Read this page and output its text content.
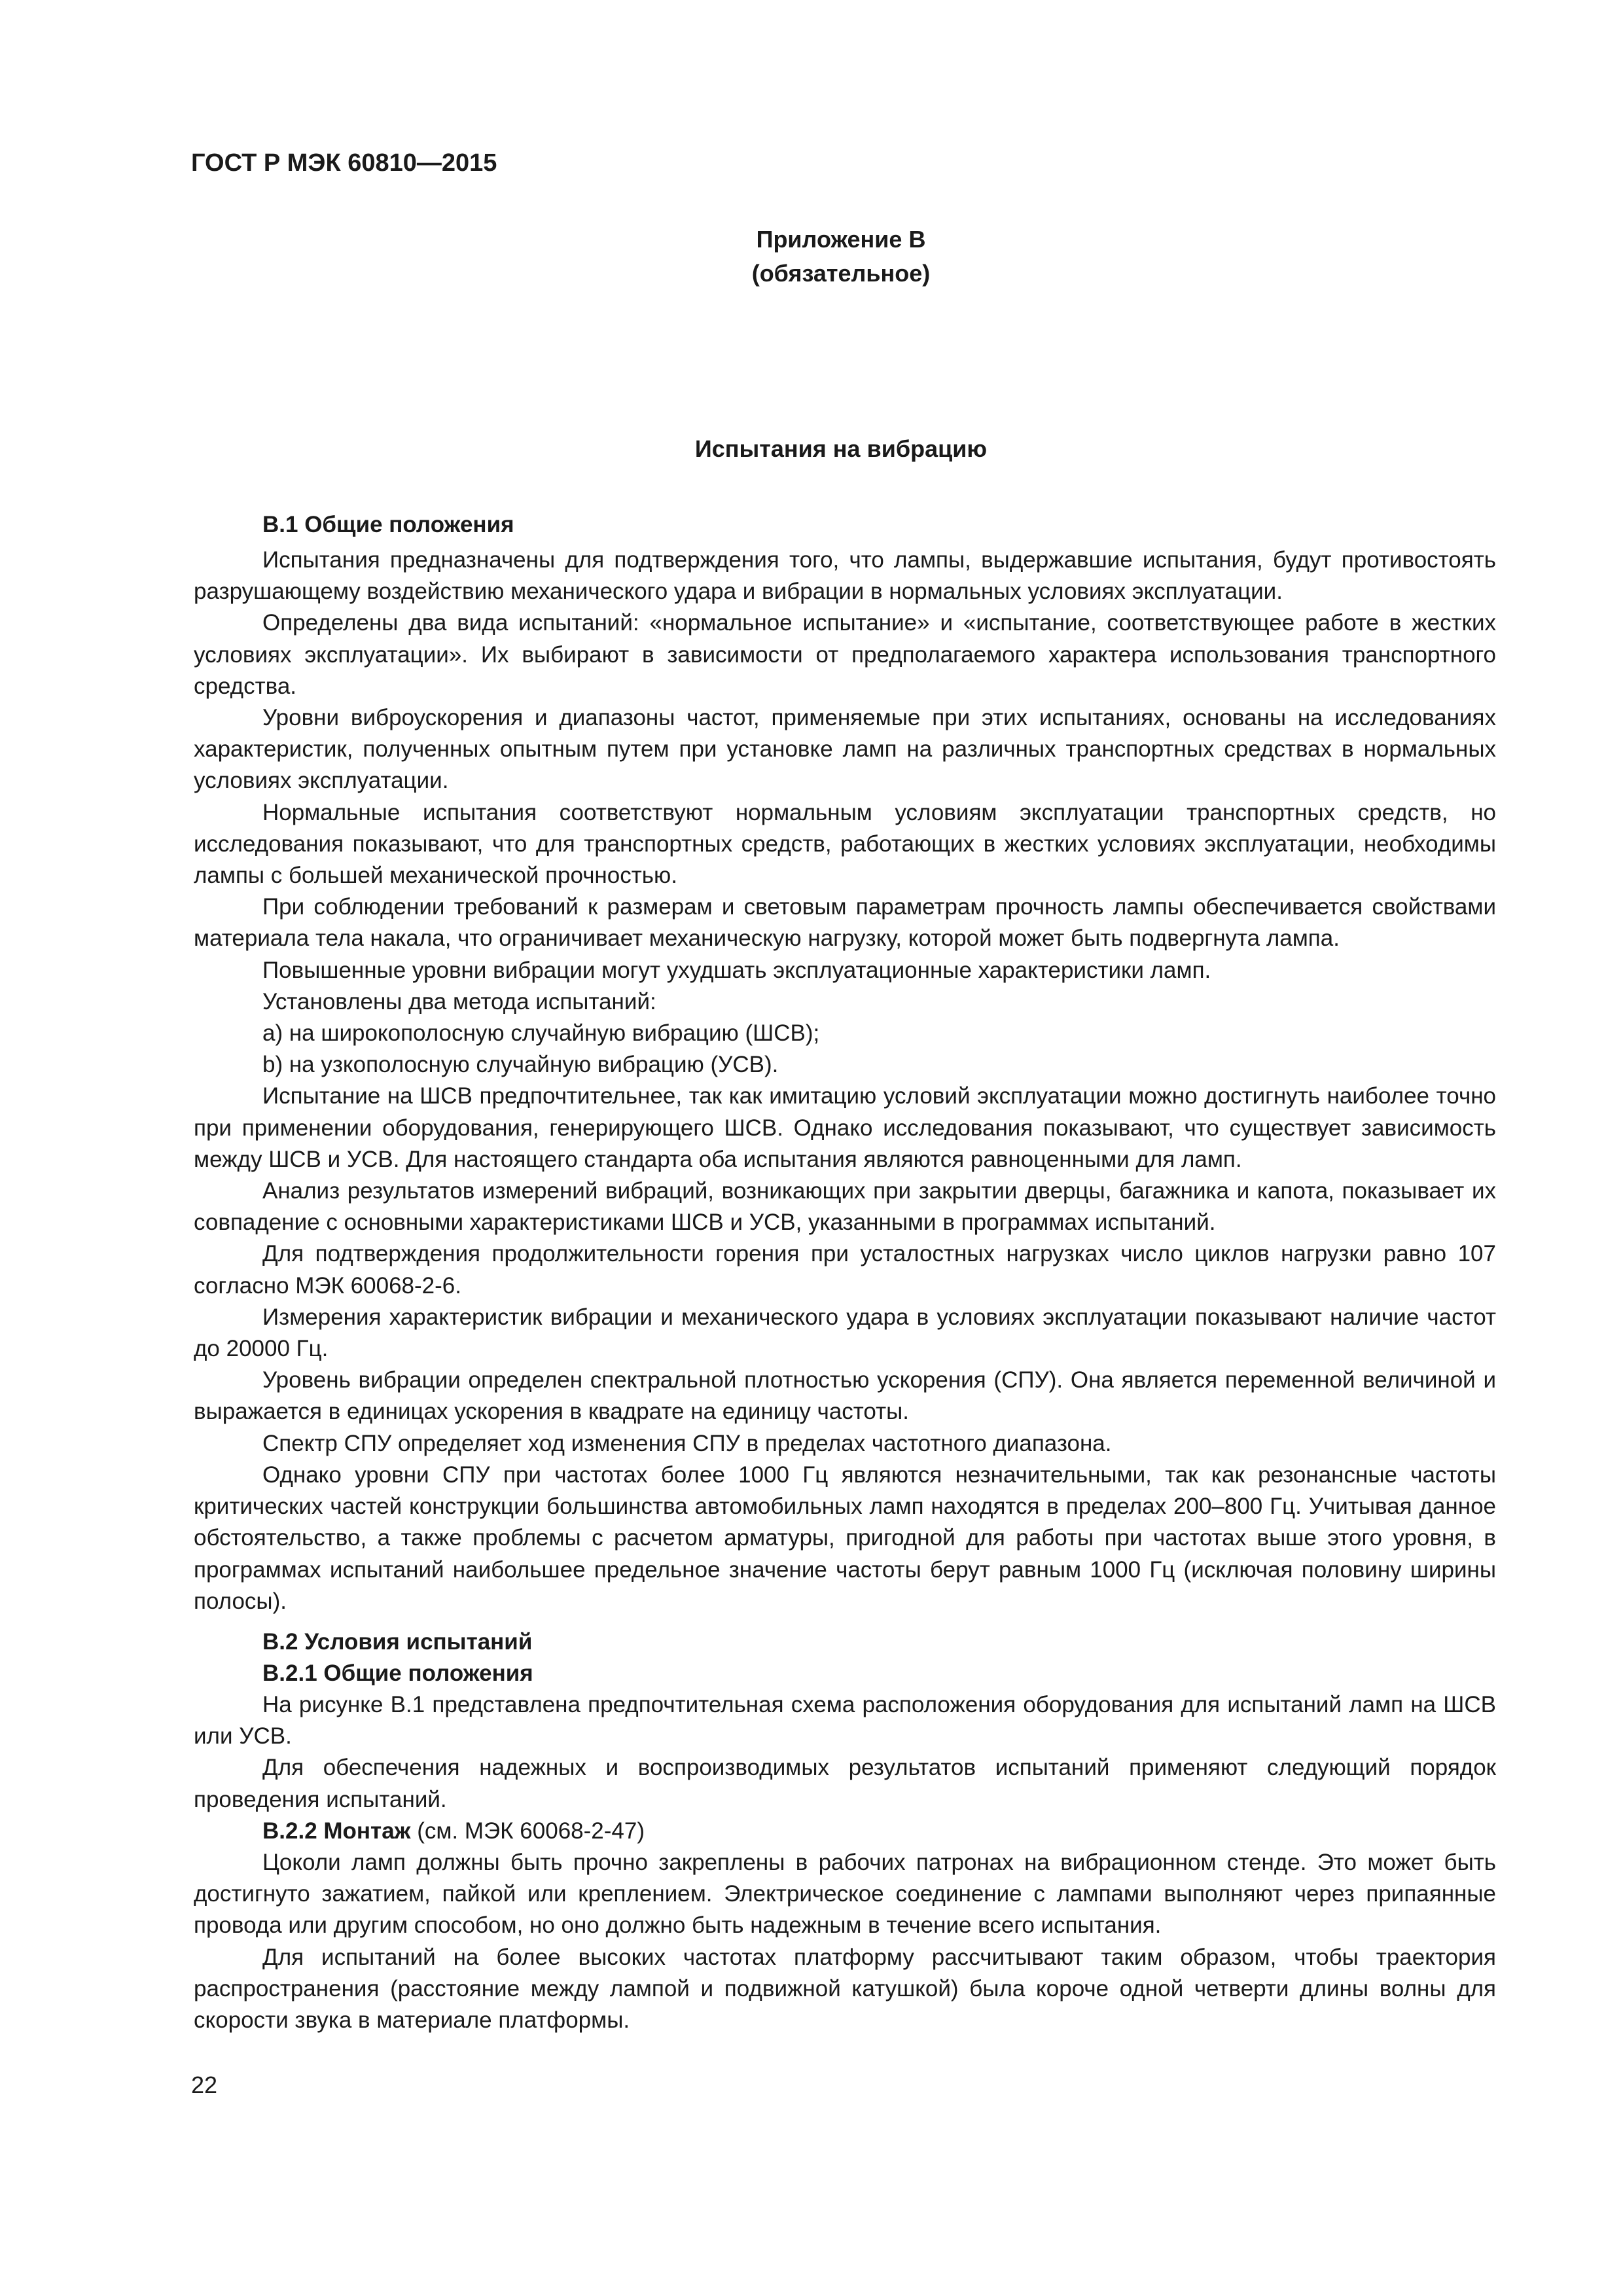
ГОСТ Р МЭК 60810—2015
Приложение В
(обязательное)
Испытания на вибрацию
В.1 Общие положения

Испытания предназначены для подтверждения того, что лампы, выдержавшие испытания, будут противостоять разрушающему воздействию механического удара и вибрации в нормальных условиях эксплуатации.

Определены два вида испытаний: «нормальное испытание» и «испытание, соответствующее работе в жестких условиях эксплуатации». Их выбирают в зависимости от предполагаемого характера использования транспортного средства.

Уровни виброускорения и диапазоны частот, применяемые при этих испытаниях, основаны на исследованиях характеристик, полученных опытным путем при установке ламп на различных транспортных средствах в нормальных условиях эксплуатации.

Нормальные испытания соответствуют нормальным условиям эксплуатации транспортных средств, но исследования показывают, что для транспортных средств, работающих в жестких условиях эксплуатации, необходимы лампы с большей механической прочностью.

При соблюдении требований к размерам и световым параметрам прочность лампы обеспечивается свойствами материала тела накала, что ограничивает механическую нагрузку, которой может быть подвергнута лампа.

Повышенные уровни вибрации могут ухудшать эксплуатационные характеристики ламп.

Установлены два метода испытаний:

а) на широкополосную случайную вибрацию (ШСВ);

b) на узкополосную случайную вибрацию (УСВ).

Испытание на ШСВ предпочтительнее, так как имитацию условий эксплуатации можно достигнуть наиболее точно при применении оборудования, генерирующего ШСВ. Однако исследования показывают, что существует зависимость между ШСВ и УСВ. Для настоящего стандарта оба испытания являются равноценными для ламп.

Анализ результатов измерений вибраций, возникающих при закрытии дверцы, багажника и капота, показывает их совпадение с основными характеристиками ШСВ и УСВ, указанными в программах испытаний.

Для подтверждения продолжительности горения при усталостных нагрузках число циклов нагрузки равно 107 согласно МЭК 60068-2-6.

Измерения характеристик вибрации и механического удара в условиях эксплуатации показывают наличие частот до 20000 Гц.

Уровень вибрации определен спектральной плотностью ускорения (СПУ). Она является переменной величиной и выражается в единицах ускорения в квадрате на единицу частоты.

Спектр СПУ определяет ход изменения СПУ в пределах частотного диапазона.

Однако уровни СПУ при частотах более 1000 Гц являются незначительными, так как резонансные частоты критических частей конструкции большинства автомобильных ламп находятся в пределах 200–800 Гц. Учитывая данное обстоятельство, а также проблемы с расчетом арматуры, пригодной для работы при частотах выше этого уровня, в программах испытаний наибольшее предельное значение частоты берут равным 1000 Гц (исключая половину ширины полосы).

В.2 Условия испытаний
В.2.1 Общие положения

На рисунке В.1 представлена предпочтительная схема расположения оборудования для испытаний ламп на ШСВ или УСВ.

Для обеспечения надежных и воспроизводимых результатов испытаний применяют следующий порядок проведения испытаний.

В.2.2 Монтаж (см. МЭК 60068-2-47)

Цоколи ламп должны быть прочно закреплены в рабочих патронах на вибрационном стенде. Это может быть достигнуто зажатием, пайкой или креплением. Электрическое соединение с лампами выполняют через припаянные провода или другим способом, но оно должно быть надежным в течение всего испытания.

Для испытаний на более высоких частотах платформу рассчитывают таким образом, чтобы траектория распространения (расстояние между лампой и подвижной катушкой) была короче одной четверти длины волны для скорости звука в материале платформы.

22
